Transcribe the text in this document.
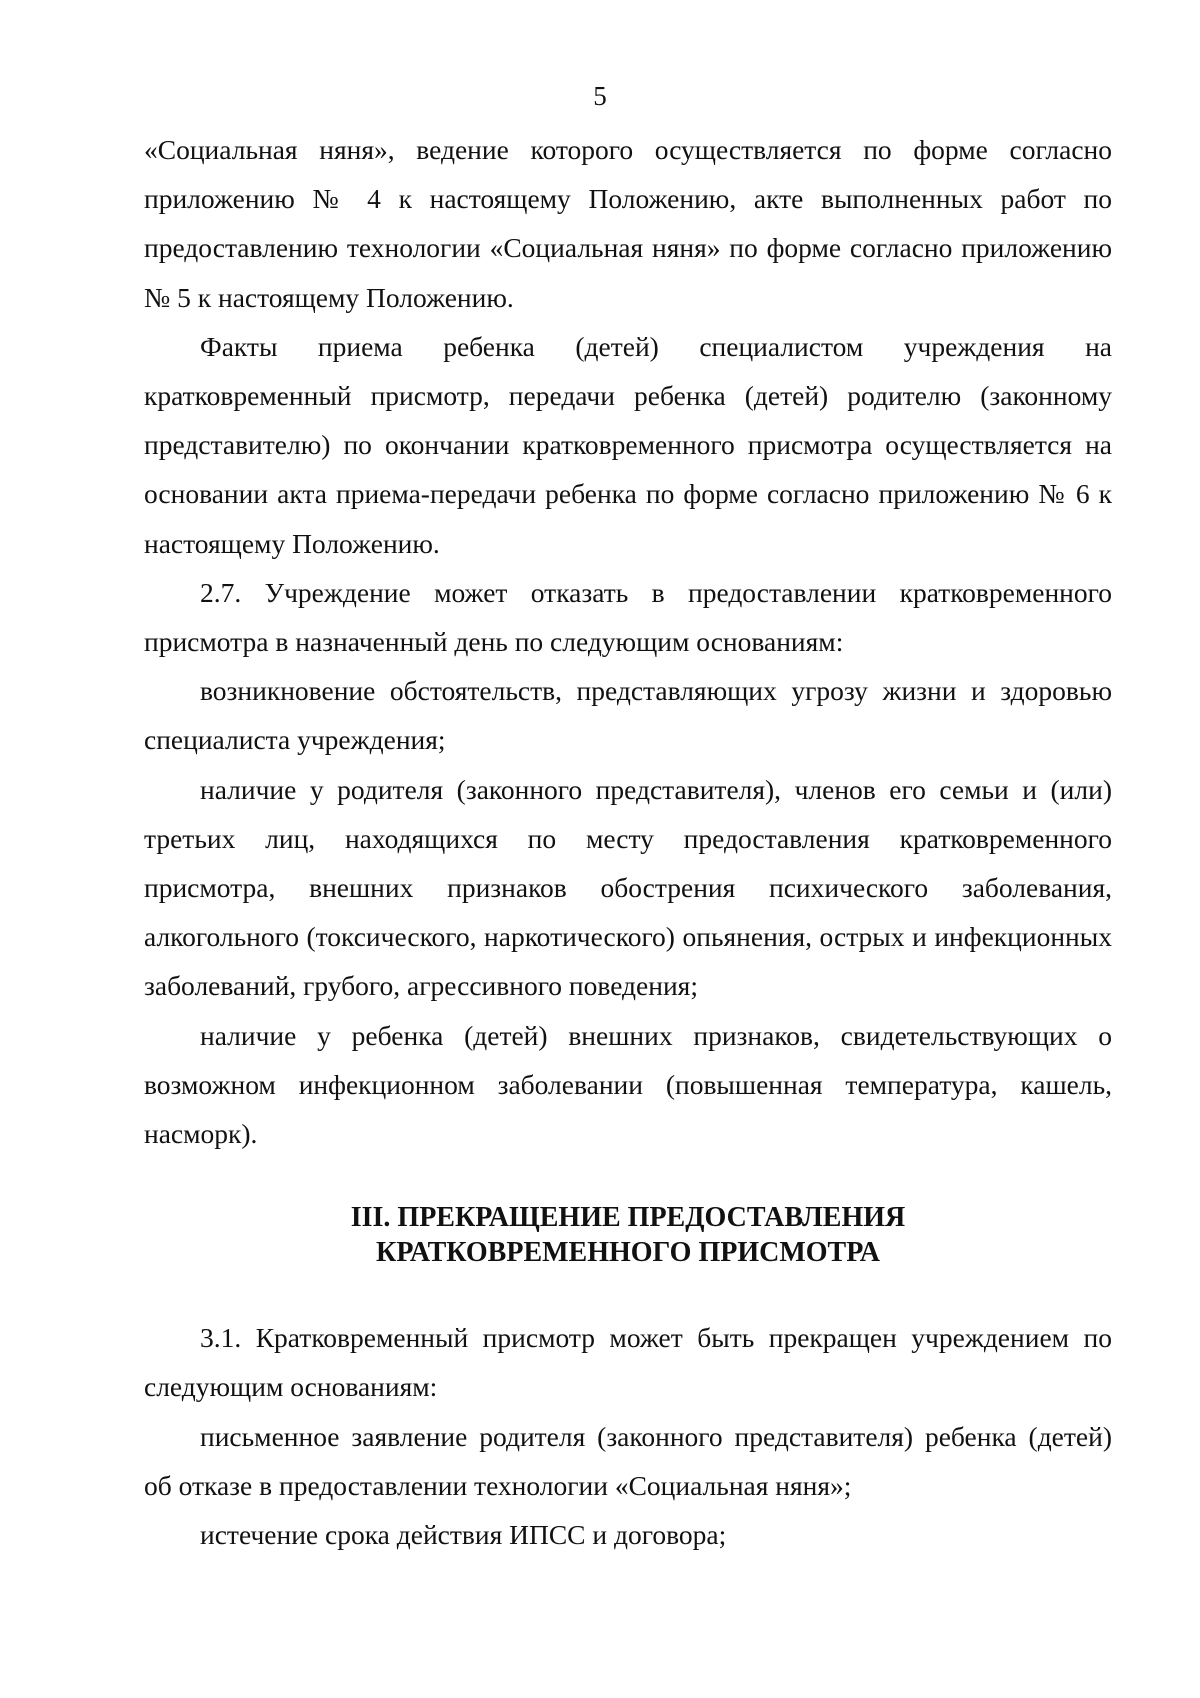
5

«Социальная няня», ведение которого осуществляется по форме согласно приложению № 4 к настоящему Положению, акте выполненных работ по предоставлению технологии «Социальная няня» по форме согласно приложению № 5 к настоящему Положению.

Факты приема ребенка (детей) специалистом учреждения на кратковременный присмотр, передачи ребенка (детей) родителю (законному представителю) по окончании кратковременного присмотра осуществляется на основании акта приема-передачи ребенка по форме согласно приложению № 6 к настоящему Положению.

2.7. Учреждение может отказать в предоставлении кратковременного присмотра в назначенный день по следующим основаниям:

возникновение обстоятельств, представляющих угрозу жизни и здоровью специалиста учреждения;

наличие у родителя (законного представителя), членов его семьи и (или) третьих лиц, находящихся по месту предоставления кратковременного присмотра, внешних признаков обострения психического заболевания, алкогольного (токсического, наркотического) опьянения, острых и инфекционных заболеваний, грубого, агрессивного поведения;

наличие у ребенка (детей) внешних признаков, свидетельствующих о возможном инфекционном заболевании (повышенная температура, кашель, насморк).

III. ПРЕКРАЩЕНИЕ ПРЕДОСТАВЛЕНИЯ
КРАТКОВРЕМЕННОГО ПРИСМОТРА

3.1. Кратковременный присмотр может быть прекращен учреждением по следующим основаниям:

письменное заявление родителя (законного представителя) ребенка (детей) об отказе в предоставлении технологии «Социальная няня»;

истечение срока действия ИПСС и договора;
